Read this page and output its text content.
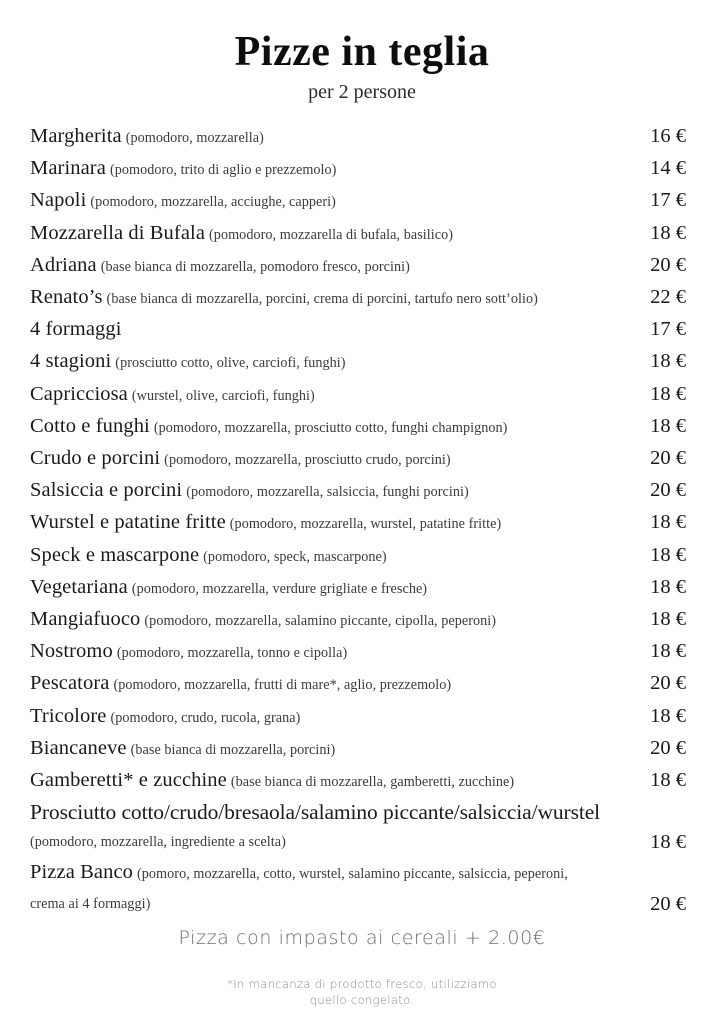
Pizze in teglia

per 2 persone

Margherita (pomodoro, mozzarella)	16 €
Marinara (pomodoro, trito di aglio e prezzemolo)	14 €
Napoli (pomodoro, mozzarella, acciughe, capperi)	17 €
Mozzarella di Bufala (pomodoro, mozzarella di bufala, basilico)	18 €
Adriana (base bianca di mozzarella, pomodoro fresco, porcini)	20 €
Renato’s (base bianca di mozzarella, porcini, crema di porcini, tartufo nero sott’olio)	22 €
4 formaggi	17 €
4 stagioni (prosciutto cotto, olive, carciofi, funghi)	18 €
Capricciosa (wurstel, olive, carciofi, funghi)	18 €
Cotto e funghi (pomodoro, mozzarella, prosciutto cotto, funghi champignon)	18 €
Crudo e porcini (pomodoro, mozzarella, prosciutto crudo, porcini)	20 €
Salsiccia e porcini (pomodoro, mozzarella, salsiccia, funghi porcini)	20 €
Wurstel e patatine fritte (pomodoro, mozzarella, wurstel, patatine fritte)	18 €
Speck e mascarpone (pomodoro, speck, mascarpone)	18 €
Vegetariana (pomodoro, mozzarella, verdure grigliate e fresche)	18 €
Mangiafuoco (pomodoro, mozzarella, salamino piccante, cipolla, peperoni)	18 €
Nostromo (pomodoro, mozzarella, tonno e cipolla)	18 €
Pescatora (pomodoro, mozzarella, frutti di mare*, aglio, prezzemolo)	20 €
Tricolore (pomodoro, crudo, rucola, grana)	18 €
Biancaneve (base bianca di mozzarella, porcini)	20 €
Gamberetti* e zucchine (base bianca di mozzarella, gamberetti, zucchine)	18 €
Prosciutto cotto/crudo/bresaola/salamino piccante/salsiccia/wurstel
(pomodoro, mozzarella, ingrediente a scelta)	18 €
Pizza Banco (pomoro, mozzarella, cotto, wurstel, salamino piccante, salsiccia, peperoni,
crema ai 4 formaggi)	20 €

Pizza con impasto ai cereali + 2.00€

*In mancanza di prodotto fresco, utilizziamo
quello congelato.
